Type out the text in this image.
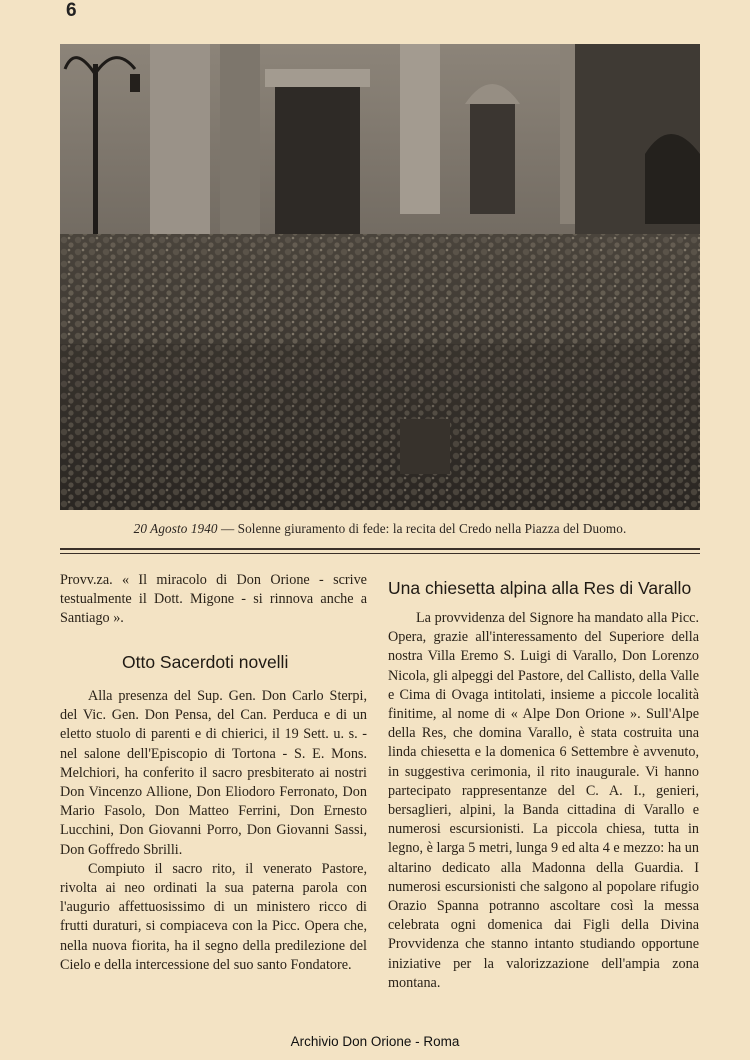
6
20 Agosto 1940 — Solenne giuramento di fede: la recita del Credo nella Piazza del Duomo.

Provv.za. « Il miracolo di Don Orione - scrive testualmente il Dott. Migone - si rinnova anche a Santiago ».

Otto Sacerdoti novelli

Alla presenza del Sup. Gen. Don Carlo Sterpi, del Vic. Gen. Don Pensa, del Can. Perduca e di un eletto stuolo di parenti e di chierici, il 19 Sett. u. s. - nel salone dell'Episcopio di Tortona - S. E. Mons. Melchiori, ha conferito il sacro presbiterato ai nostri Don Vincenzo Allione, Don Eliodoro Ferronato, Don Mario Fasolo, Don Matteo Ferrini, Don Ernesto Lucchini, Don Giovanni Porro, Don Giovanni Sassi, Don Goffredo Sbrilli.

Compiuto il sacro rito, il venerato Pastore, rivolta ai neo ordinati la sua paterna parola con l'augurio affettuosissimo di un ministero ricco di frutti duraturi, si compiaceva con la Picc. Opera che, nella nuova fiorita, ha il segno della predilezione del Cielo e della intercessione del suo santo Fondatore.

Una chiesetta alpina alla Res di Varallo

La provvidenza del Signore ha mandato alla Picc. Opera, grazie all'interessamento del Superiore della nostra Villa Eremo S. Luigi di Varallo, Don Lorenzo Nicola, gli alpeggi del Pastore, del Callisto, della Valle e Cima di Ovaga intitolati, insieme a piccole località finitime, al nome di « Alpe Don Orione ». Sull'Alpe della Res, che domina Varallo, è stata costruita una linda chiesetta e la domenica 6 Settembre è avvenuto, in suggestiva cerimonia, il rito inaugurale. Vi hanno partecipato rappresentanze del C. A. I., genieri, bersaglieri, alpini, la Banda cittadina di Varallo e numerosi escursionisti. La piccola chiesa, tutta in legno, è larga 5 metri, lunga 9 ed alta 4 e mezzo: ha un altarino dedicato alla Madonna della Guardia. I numerosi escursionisti che salgono al popolare rifugio Orazio Spanna potranno ascoltare così la messa celebrata ogni domenica dai Figli della Divina Provvidenza che stanno intanto studiando opportune iniziative per la valorizzazione dell'ampia zona montana.

Archivio Don Orione - Roma
